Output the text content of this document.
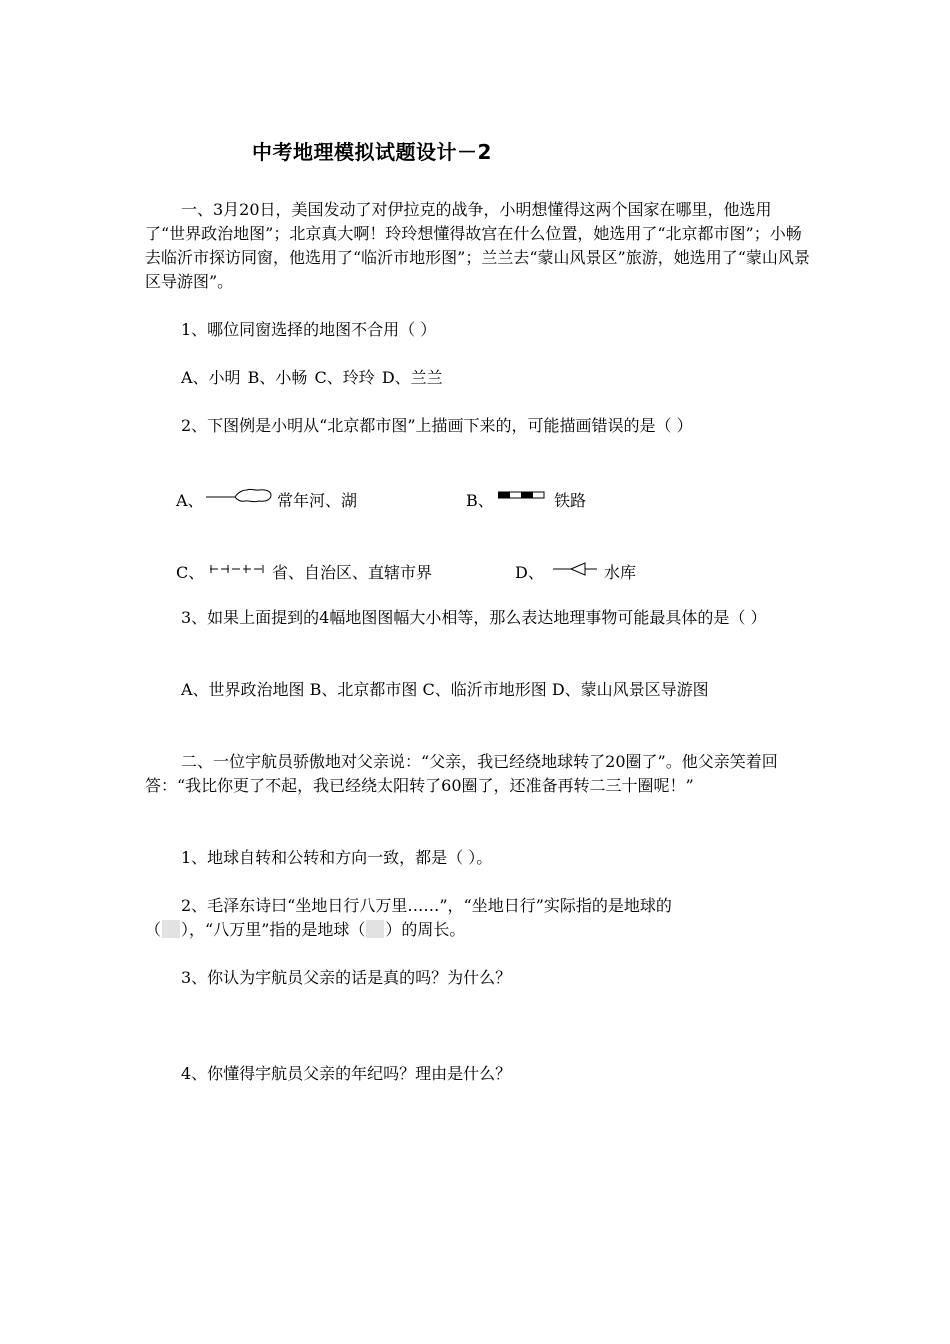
中考地理模拟试题设计－2
一、3月20日，美国发动了对伊拉克的战争，小明想懂得这两个国家在哪里，他选用了“世界政治地图”；北京真大啊！玲玲想懂得故宫在什么位置，她选用了“北京都市图”；小畅去临沂市探访同窗，他选用了“临沂市地形图”；兰兰去“蒙山风景区”旅游，她选用了“蒙山风景区导游图”。
1、哪位同窗选择的地图不合用（ ）
A、小明 B、小畅 C、玲玲 D、兰兰
2、下图例是小明从“北京都市图”上描画下来的，可能描画错误的是（ ）
A、	常年河、湖	B、	铁路
C、	省、自治区、直辖市界	D、	水库
3、如果上面提到的4幅地图图幅大小相等，那么表达地理事物可能最具体的是（ ）
A、世界政治地图 B、北京都市图 C、临沂市地形图 D、蒙山风景区导游图
二、一位宇航员骄傲地对父亲说：“父亲，我已经绕地球转了20圈了”。他父亲笑着回答：“我比你更了不起，我已经绕太阳转了60圈了，还准备再转二三十圈呢！”
1、地球自转和公转和方向一致，都是（ ）。
2、毛泽东诗曰“坐地日行八万里……”，“坐地日行”实际指的是地球的
（ ），“八万里”指的是地球（ ）的周长。
3、你认为宇航员父亲的话是真的吗？为什么？
4、你懂得宇航员父亲的年纪吗？理由是什么？
